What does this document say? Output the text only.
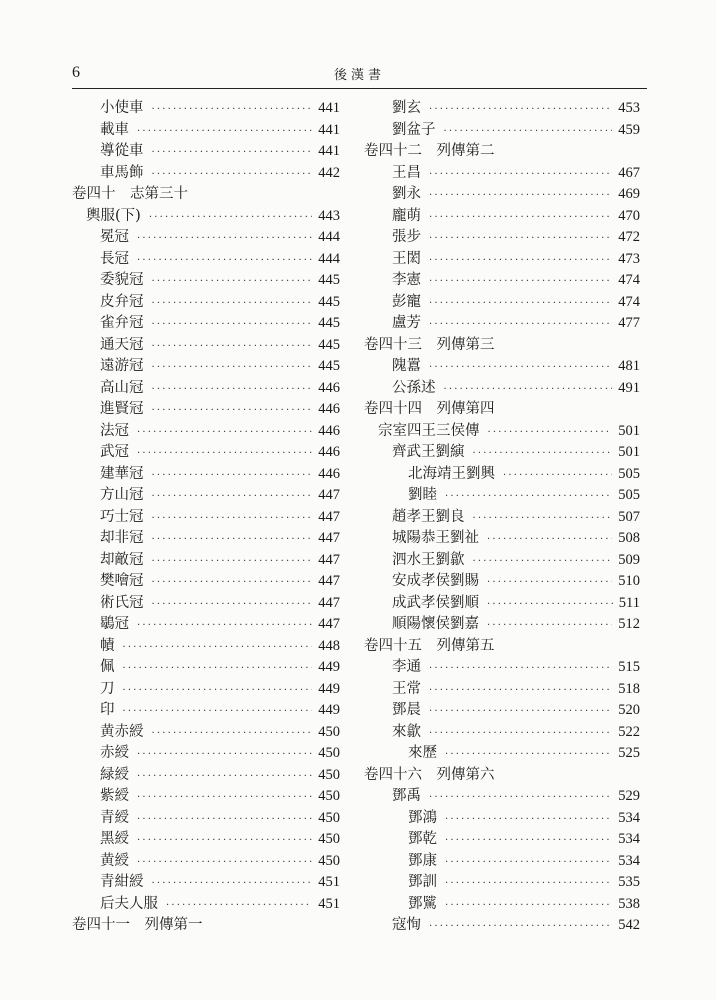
6	後漢書
小使車 ·····	441
載車 ·····	441
導從車 ·····	441
車馬飾 ·····	442
卷四十　志第三十
輿服(下) ·····	443
冕冠 ·····	444
長冠 ·····	444
委貌冠 ·····	445
皮弁冠 ·····	445
雀弁冠 ·····	445
通天冠 ·····	445
遠游冠 ·····	445
高山冠 ·····	446
進賢冠 ·····	446
法冠 ·····	446
武冠 ·····	446
建華冠 ·····	446
方山冠 ·····	447
巧士冠 ·····	447
却非冠 ·····	447
却敵冠 ·····	447
樊噲冠 ·····	447
術氏冠 ·····	447
鶡冠 ·····	447
幘 ·····	448
佩 ·····	449
刀 ·····	449
印 ·····	449
黄赤綬 ·····	450
赤綬 ·····	450
緑綬 ·····	450
紫綬 ·····	450
青綬 ·····	450
黑綬 ·····	450
黄綬 ·····	450
青紺綬 ·····	451
后夫人服 ·····	451
卷四十一　列傳第一
劉玄 ·····	453
劉盆子 ·····	459
卷四十二　列傳第二
王昌 ·····	467
劉永 ·····	469
龐萌 ·····	470
張步 ·····	472
王閎 ·····	473
李憲 ·····	474
彭寵 ·····	474
盧芳 ·····	477
卷四十三　列傳第三
隗囂 ·····	481
公孫述 ·····	491
卷四十四　列傳第四
宗室四王三侯傳 ·····	501
齊武王劉縯 ·····	501
北海靖王劉興 ·····	505
劉睦 ·····	505
趙孝王劉良 ·····	507
城陽恭王劉祉 ·····	508
泗水王劉歙 ·····	509
安成孝侯劉賜 ·····	510
成武孝侯劉順 ·····	511
順陽懷侯劉嘉 ·····	512
卷四十五　列傳第五
李通 ·····	515
王常 ·····	518
鄧晨 ·····	520
來歙 ·····	522
來歷 ·····	525
卷四十六　列傳第六
鄧禹 ·····	529
鄧鴻 ·····	534
鄧乾 ·····	534
鄧康 ·····	534
鄧訓 ·····	535
鄧騭 ·····	538
寇恂 ·····	542
